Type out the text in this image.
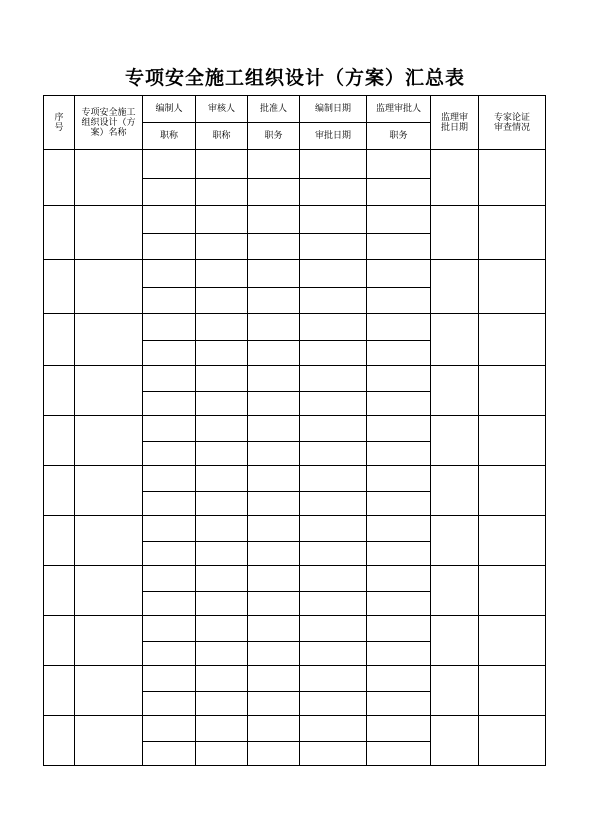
专项安全施工组织设计（方案）汇总表
序号	专项安全施工组织设计（方案）名称	编制人	审核人	批准人	编制日期	监理审批人	监理审批日期	专家论证审查情况
		职称	职称	职务	审批日期	职务		
